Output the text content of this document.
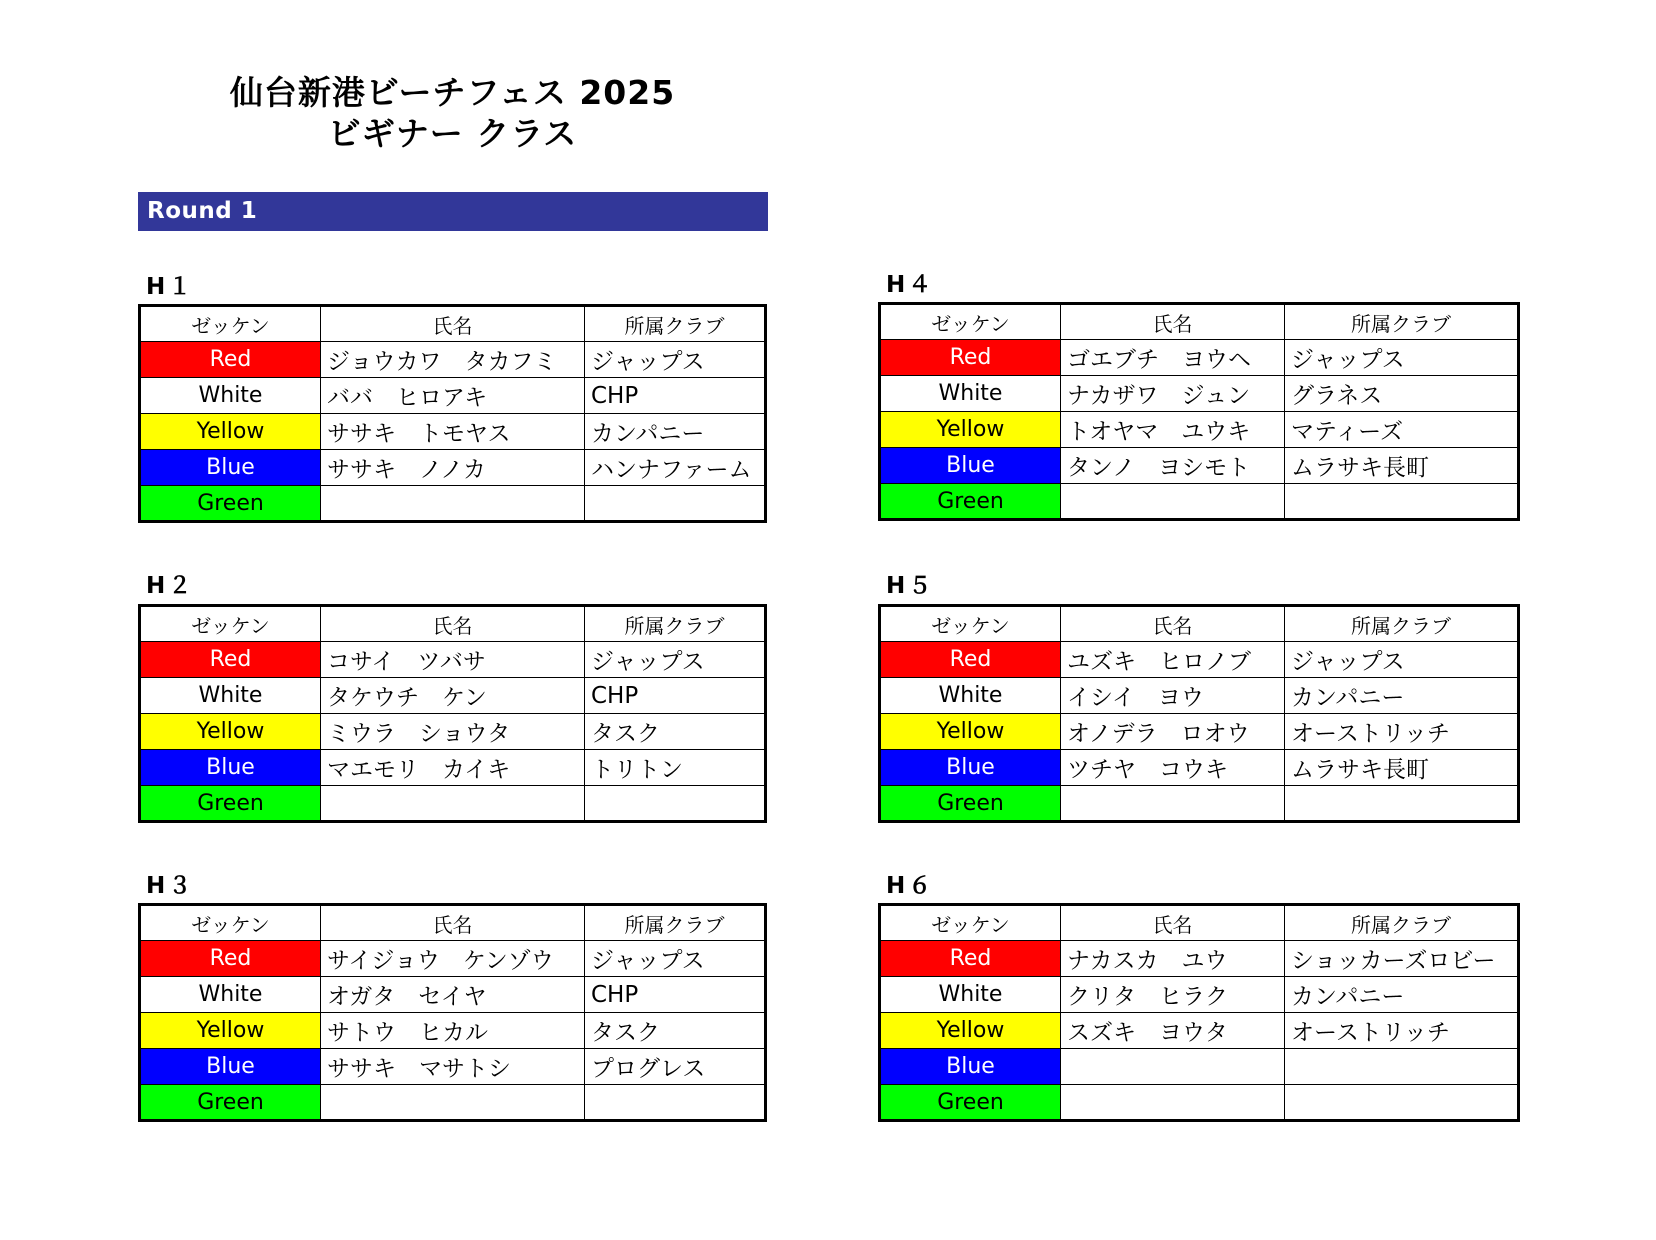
仙台新港ビーチフェス 2025
ビギナー クラス
Round 1
H１
ゼッケン	氏名	所属クラブ
Red	ジョウカワ　タカフミ	ジャップス
White	ババ　ヒロアキ	CHP
Yellow	ササキ　トモヤス	カンパニー
Blue	ササキ　ノノカ	ハンナファーム
Green		
H２
ゼッケン	氏名	所属クラブ
Red	コサイ　ツバサ	ジャップス
White	タケウチ　ケン	CHP
Yellow	ミウラ　ショウタ	タスク
Blue	マエモリ　カイキ	トリトン
Green		
H３
ゼッケン	氏名	所属クラブ
Red	サイジョウ　ケンゾウ	ジャップス
White	オガタ　セイヤ	CHP
Yellow	サトウ　ヒカル	タスク
Blue	ササキ　マサトシ	プログレス
Green		
H４
ゼッケン	氏名	所属クラブ
Red	ゴエブチ　ヨウヘ	ジャップス
White	ナカザワ　ジュン	グラネス
Yellow	トオヤマ　ユウキ	マティーズ
Blue	タンノ　ヨシモト	ムラサキ長町
Green		
H５
ゼッケン	氏名	所属クラブ
Red	ユズキ　ヒロノブ	ジャップス
White	イシイ　ヨウ	カンパニー
Yellow	オノデラ　ロオウ	オーストリッチ
Blue	ツチヤ　コウキ	ムラサキ長町
Green		
H６
ゼッケン	氏名	所属クラブ
Red	ナカスカ　ユウ	ショッカーズロビー
White	クリタ　ヒラク	カンパニー
Yellow	スズキ　ヨウタ	オーストリッチ
Blue		
Green		
